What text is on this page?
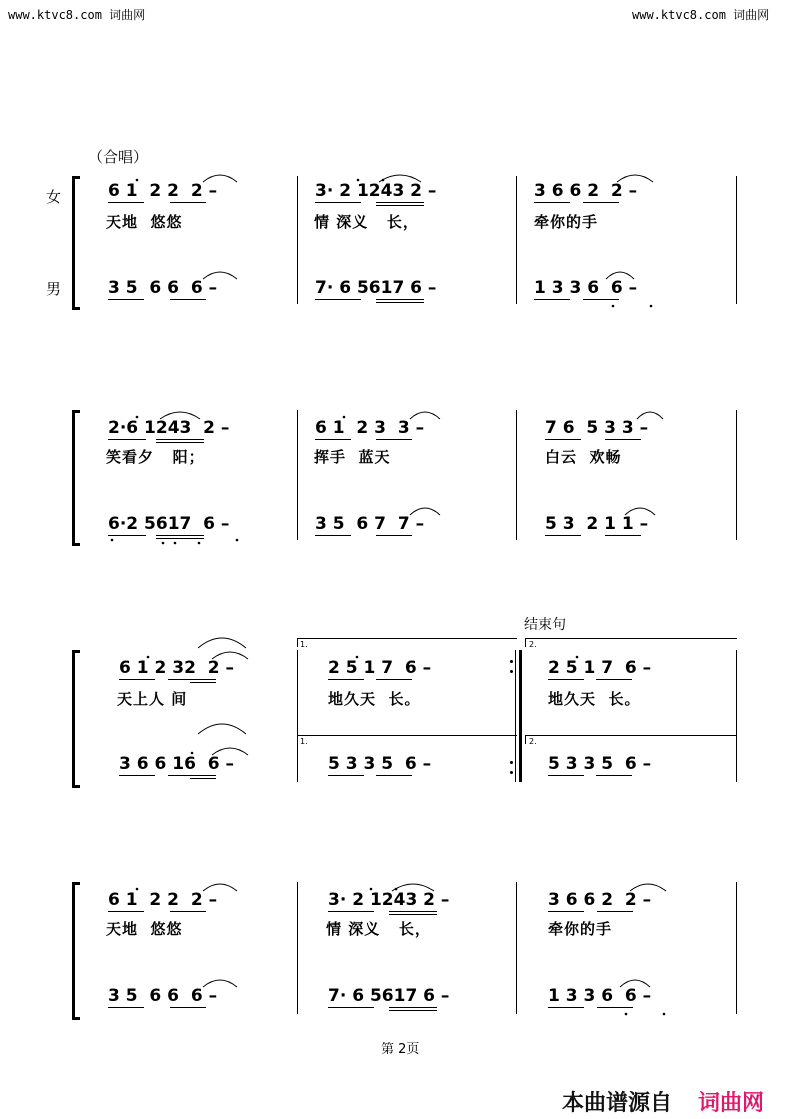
www.ktvc8.com 词曲网	www.ktvc8.com 词曲网
（合唱）
女
男
6 1  2 2  2 –	3· 2 1243 2 –	3 6 6 2  2 –
天地  悠悠	情 深义   长，	牵你的手
3 5  6 6  6 –	7· 6 5617 6 –	1 3 3 6  6 –
2·6 1243  2 –	6 1  2 3  3 –	7 6  5 3 3 –
笑看夕   阳；	挥手  蓝天	白云  欢畅
6·2 5617  6 –	3 5  6 7  7 –	5 3  2 1 1 –
结束句
1.	2.
1.	2.
6 1 2 32  2 –	2 5 1 7  6 –	2 5 1 7  6 –
天上人 间	地久天  长。	地久天  长。
3 6 6 16  6 –	5 3 3 5  6 –	5 3 3 5  6 –
6 1  2 2  2 –	3· 2 1243 2 –	3 6 6 2  2 –
天地  悠悠	情 深义   长，	牵你的手
3 5  6 6  6 –	7· 6 5617 6 –	1 3 3 6  6 –
第 2页
本曲谱源自 词曲网
